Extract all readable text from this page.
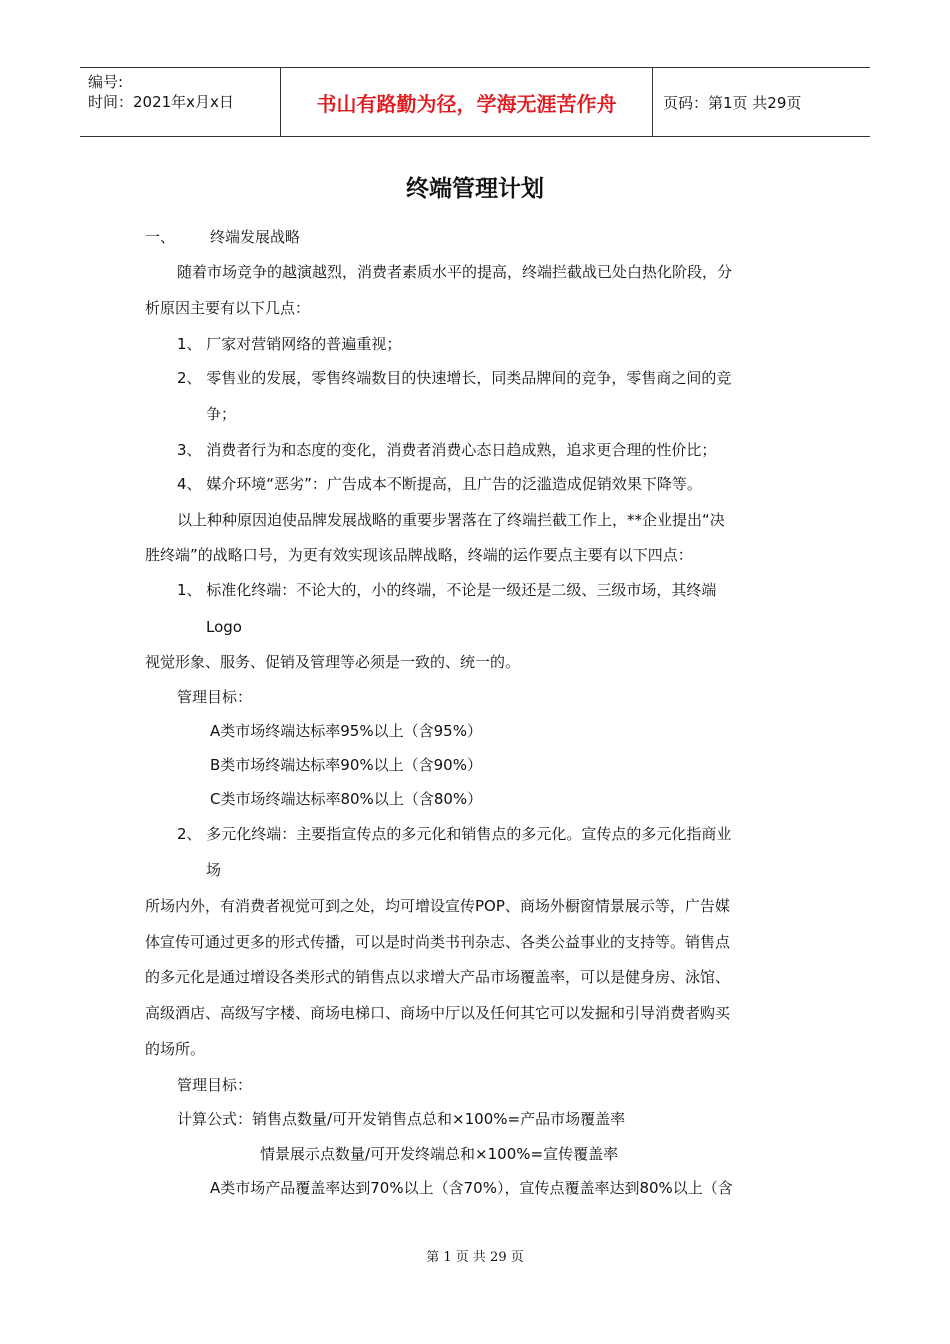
编号:
时间：2021年x月x日	书山有路勤为径，学海无涯苦作舟	页码：第1页 共29页
终端管理计划
一、 终端发展战略
随着市场竞争的越演越烈，消费者素质水平的提高，终端拦截战已处白热化阶段，分
析原因主要有以下几点：
1、 厂家对营销网络的普遍重视；
2、 零售业的发展，零售终端数目的快速增长，同类品牌间的竞争，零售商之间的竞
争；
3、 消费者行为和态度的变化，消费者消费心态日趋成熟，追求更合理的性价比；
4、 媒介环境“恶劣”：广告成本不断提高，且广告的泛滥造成促销效果下降等。
以上种种原因迫使品牌发展战略的重要步署落在了终端拦截工作上，**企业提出“决
胜终端”的战略口号，为更有效实现该品牌战略，终端的运作要点主要有以下四点：
1、 标准化终端：不论大的，小的终端，不论是一级还是二级、三级市场，其终端
Logo
视觉形象、服务、促销及管理等必须是一致的、统一的。
管理目标：
A类市场终端达标率95%以上（含95%）
B类市场终端达标率90%以上（含90%）
C类市场终端达标率80%以上（含80%）
2、 多元化终端：主要指宣传点的多元化和销售点的多元化。宣传点的多元化指商业
场
所场内外，有消费者视觉可到之处，均可增设宣传POP、商场外橱窗情景展示等，广告媒
体宣传可通过更多的形式传播，可以是时尚类书刊杂志、各类公益事业的支持等。销售点
的多元化是通过增设各类形式的销售点以求增大产品市场覆盖率，可以是健身房、泳馆、
高级酒店、高级写字楼、商场电梯口、商场中厅以及任何其它可以发掘和引导消费者购买
的场所。
管理目标：
计算公式：销售点数量/可开发销售点总和×100%=产品市场覆盖率
情景展示点数量/可开发终端总和×100%=宣传覆盖率
A类市场产品覆盖率达到70%以上（含70%），宣传点覆盖率达到80%以上（含
第 1 页 共 29 页
